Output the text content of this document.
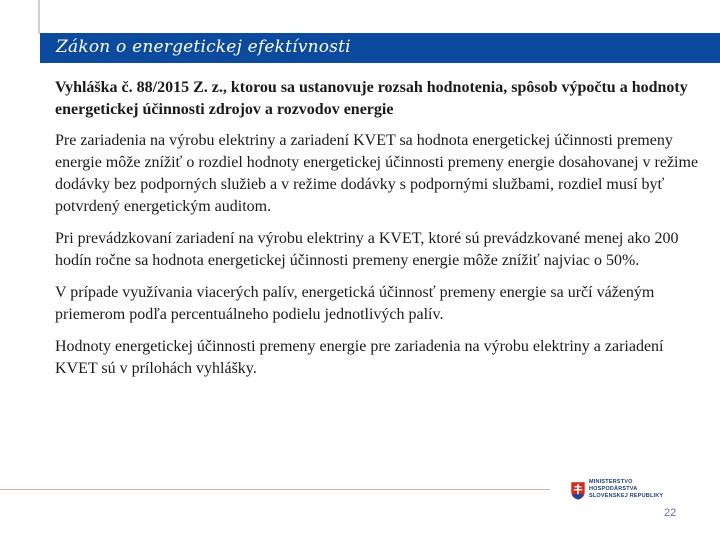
Zákon o energetickej efektívnosti

Vyhláška č. 88/2015 Z. z., ktorou sa ustanovuje rozsah hodnotenia, spôsob výpočtu a hodnoty energetickej účinnosti zdrojov a rozvodov energie

Pre zariadenia na výrobu elektriny a zariadení KVET sa hodnota energetickej účinnosti premeny energie môže znížiť o rozdiel hodnoty energetickej účinnosti premeny energie dosahovanej v režime dodávky bez podporných služieb a v režime dodávky s podpornými službami, rozdiel musí byť potvrdený energetickým auditom.

Pri prevádzkovaní zariadení na výrobu elektriny a KVET, ktoré sú prevádzkované menej ako 200 hodín ročne sa hodnota energetickej účinnosti premeny energie môže znížiť najviac o 50%.

V prípade využívania viacerých palív, energetická účinnosť premeny energie sa určí váženým priemerom podľa percentuálneho podielu jednotlivých palív.

Hodnoty energetickej účinnosti premeny energie pre zariadenia na výrobu elektriny a zariadení KVET sú v prílohách vyhlášky.

MINISTERSTVO
HOSPODÁRSTVA
SLOVENSKEJ REPUBLIKY
22
